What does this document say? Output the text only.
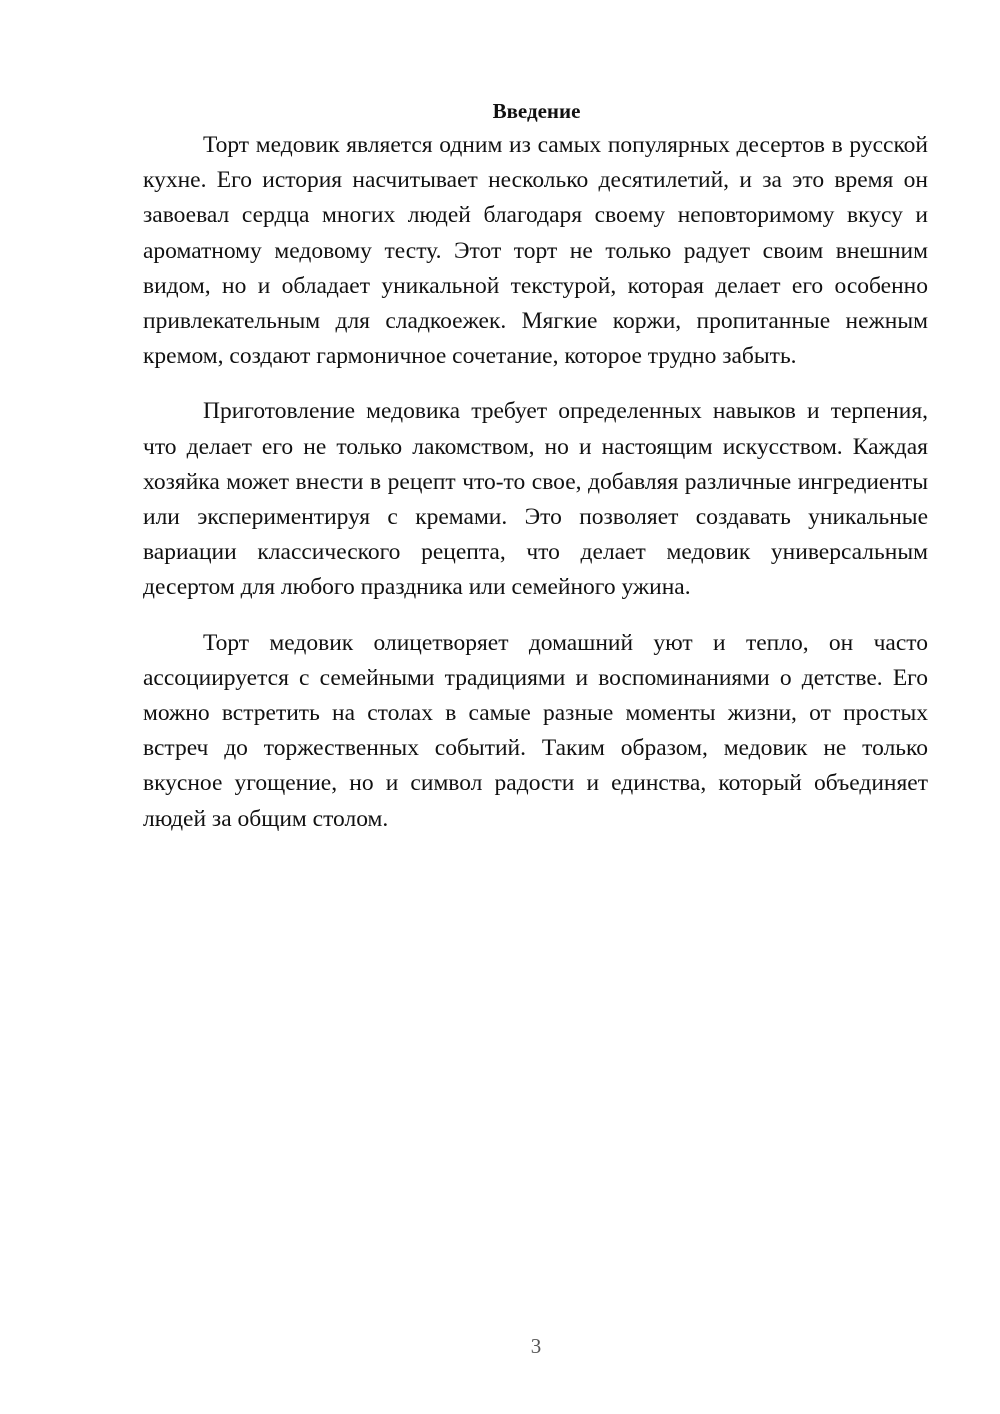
Введение

Торт медовик является одним из самых популярных десертов в русской кухне. Его история насчитывает несколько десятилетий, и за это время он завоевал сердца многих людей благодаря своему неповторимому вкусу и ароматному медовому тесту. Этот торт не только радует своим внешним видом, но и обладает уникальной текстурой, которая делает его особенно привлекательным для сладкоежек. Мягкие коржи, пропитанные нежным кремом, создают гармоничное сочетание, которое трудно забыть.

Приготовление медовика требует определенных навыков и терпения, что делает его не только лакомством, но и настоящим искусством. Каждая хозяйка может внести в рецепт что-то свое, добавляя различные ингредиенты или экспериментируя с кремами. Это позволяет создавать уникальные вариации классического рецепта, что делает медовик универсальным десертом для любого праздника или семейного ужина.

Торт медовик олицетворяет домашний уют и тепло, он часто ассоциируется с семейными традициями и воспоминаниями о детстве. Его можно встретить на столах в самые разные моменты жизни, от простых встреч до торжественных событий. Таким образом, медовик не только вкусное угощение, но и символ радости и единства, который объединяет людей за общим столом.

3
